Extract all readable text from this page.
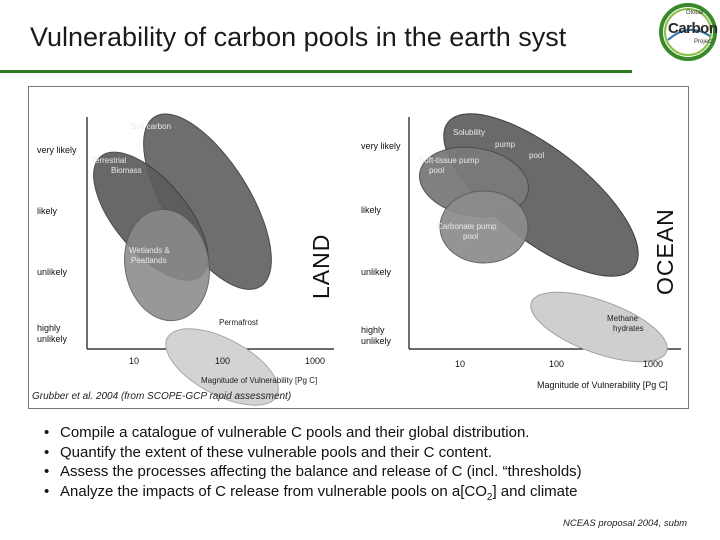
Vulnerability of carbon pools in the earth syst
Global
Carbon
Project
Soil carbon
Terrestrial Biomass
Wetlands & Peatlands
Permafrost
very likely
likely
unlikely
highly unlikely
10	100	1000
Magnitude of Vulnerability [Pg C]
LAND
Solubility pump
pool
Soft-tissue pump pool
Carbonate pump pool
Methane hydrates
very likely
likely
unlikely
highly unlikely
10	100	1000
Magnitude of Vulnerability [Pg C]
OCEAN
Grubber et al. 2004 (from SCOPE-GCP rapid assessment)
• Compile a catalogue of vulnerable C pools and their global distribution.
• Quantify the extent of these vulnerable pools and their C content.
• Assess the processes affecting the balance and release of C (incl. “thresholds)
• Analyze the impacts of C release from vulnerable pools on $a[CO_2]$ and climate
NCEAS proposal 2004, subm
